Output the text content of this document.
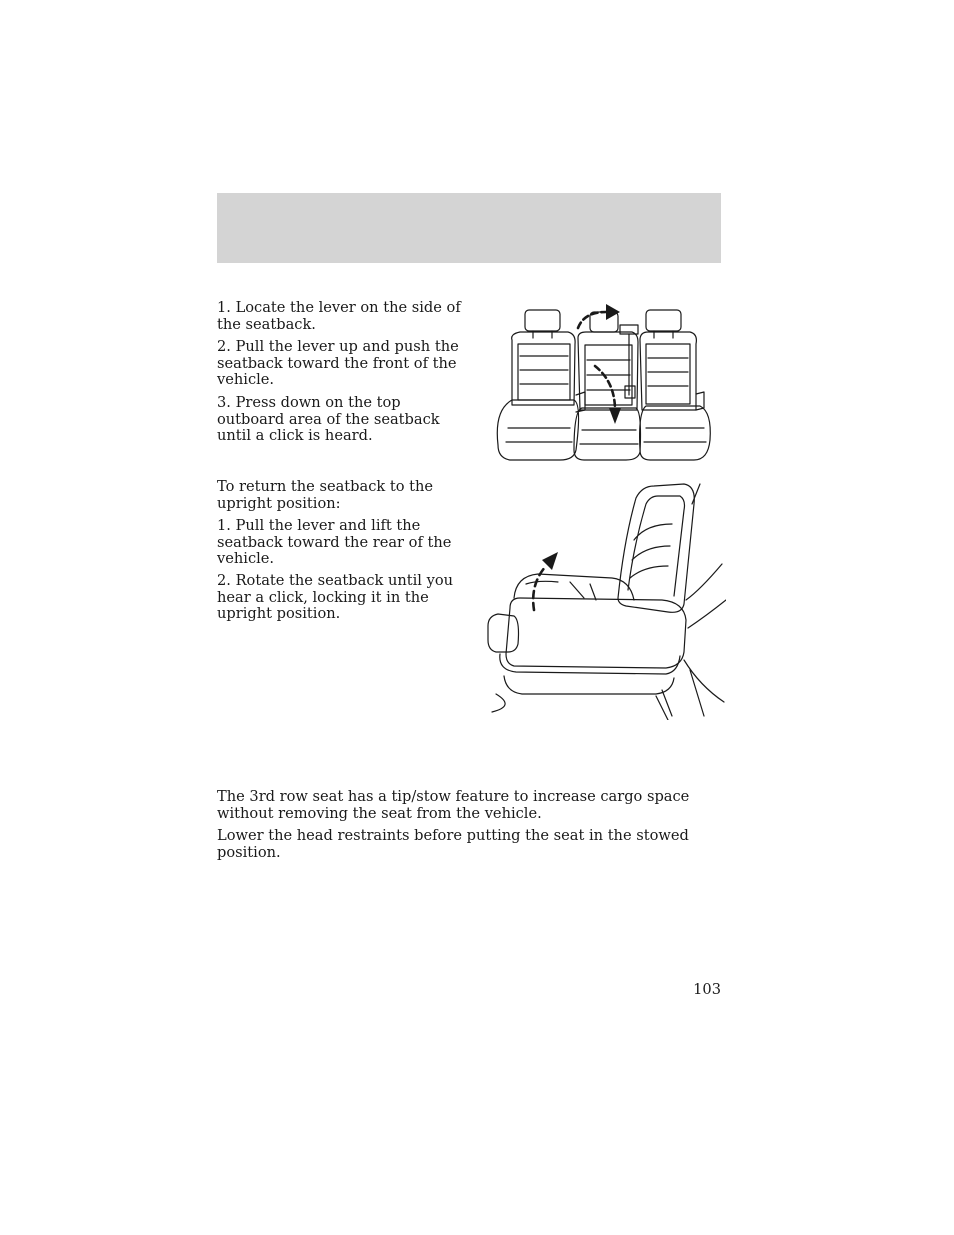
1. Locate the lever on the side of the seatback.

2. Pull the lever up and push the seatback toward the front of the vehicle.

3. Press down on the top outboard area of the seatback until a click is heard.

To return the seatback to the upright position:

1. Pull the lever and lift the seatback toward the rear of the vehicle.

2. Rotate the seatback until you hear a click, locking it in the upright position.

The 3rd row seat has a tip/stow feature to increase cargo space without removing the seat from the vehicle.

Lower the head restraints before putting the seat in the stowed position.

103
